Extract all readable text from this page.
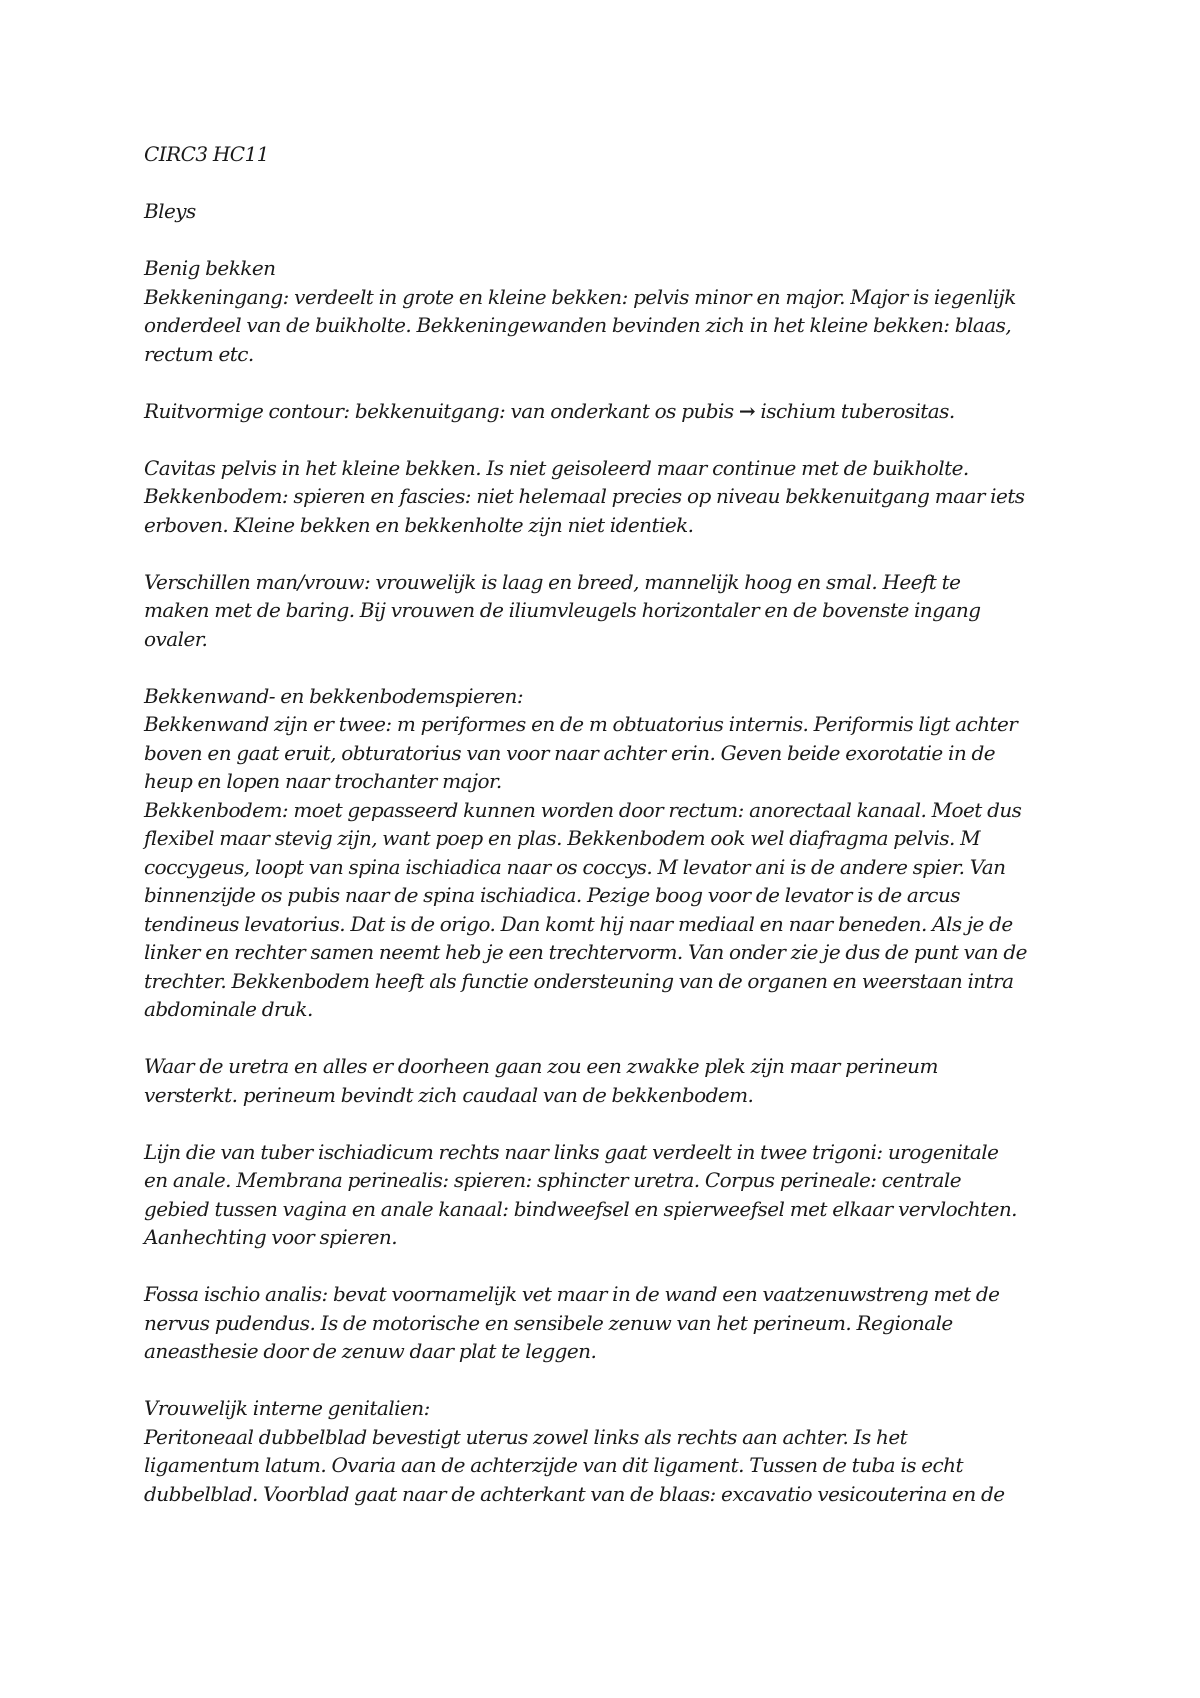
CIRC3 HC11
Bleys
Benig bekken
Bekkeningang: verdeelt in grote en kleine bekken: pelvis minor en major. Major is iegenlijk
onderdeel van de buikholte. Bekkeningewanden bevinden zich in het kleine bekken: blaas,
rectum etc.
Ruitvormige contour: bekkenuitgang: van onderkant os pubis → ischium tuberositas.
Cavitas pelvis in het kleine bekken. Is niet geisoleerd maar continue met de buikholte.
Bekkenbodem: spieren en fascies: niet helemaal precies op niveau bekkenuitgang maar iets
erboven. Kleine bekken en bekkenholte zijn niet identiek.
Verschillen man/vrouw: vrouwelijk is laag en breed, mannelijk hoog en smal. Heeft te
maken met de baring. Bij vrouwen de iliumvleugels horizontaler en de bovenste ingang
ovaler.
Bekkenwand- en bekkenbodemspieren:
Bekkenwand zijn er twee: m periformes en de m obtuatorius internis. Periformis ligt achter
boven en gaat eruit, obturatorius van voor naar achter erin. Geven beide exorotatie in de
heup en lopen naar trochanter major.
Bekkenbodem: moet gepasseerd kunnen worden door rectum: anorectaal kanaal. Moet dus
flexibel maar stevig zijn, want poep en plas. Bekkenbodem ook wel diafragma pelvis. M
coccygeus, loopt van spina ischiadica naar os coccys. M levator ani is de andere spier. Van
binnenzijde os pubis naar de spina ischiadica. Pezige boog voor de levator is de arcus
tendineus levatorius. Dat is de origo. Dan komt hij naar mediaal en naar beneden. Als je de
linker en rechter samen neemt heb je een trechtervorm. Van onder zie je dus de punt van de
trechter. Bekkenbodem heeft als functie ondersteuning van de organen en weerstaan intra
abdominale druk.
Waar de uretra en alles er doorheen gaan zou een zwakke plek zijn maar perineum
versterkt. perineum bevindt zich caudaal van de bekkenbodem.
Lijn die van tuber ischiadicum rechts naar links gaat verdeelt in twee trigoni: urogenitale
en anale. Membrana perinealis: spieren: sphincter uretra. Corpus perineale: centrale
gebied tussen vagina en anale kanaal: bindweefsel en spierweefsel met elkaar vervlochten.
Aanhechting voor spieren.
Fossa ischio analis: bevat voornamelijk vet maar in de wand een vaatzenuwstreng met de
nervus pudendus. Is de motorische en sensibele zenuw van het perineum. Regionale
aneasthesie door de zenuw daar plat te leggen.
Vrouwelijk interne genitalien:
Peritoneaal dubbelblad bevestigt uterus zowel links als rechts aan achter. Is het
ligamentum latum. Ovaria aan de achterzijde van dit ligament. Tussen de tuba is echt
dubbelblad. Voorblad gaat naar de achterkant van de blaas: excavatio vesicouterina en de
